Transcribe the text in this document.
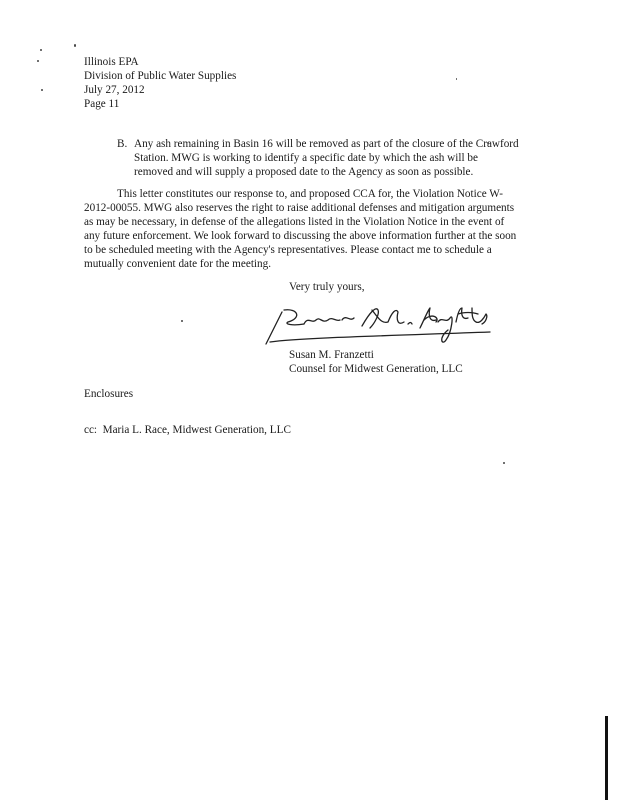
Illinois EPA
Division of Public Water Supplies
July 27, 2012
Page 11
B. Any ash remaining in Basin 16 will be removed as part of the closure of the Crawford
Station. MWG is working to identify a specific date by which the ash will be
removed and will supply a proposed date to the Agency as soon as possible.
This letter constitutes our response to, and proposed CCA for, the Violation Notice W-
2012-00055. MWG also reserves the right to raise additional defenses and mitigation arguments
as may be necessary, in defense of the allegations listed in the Violation Notice in the event of
any future enforcement. We look forward to discussing the above information further at the soon
to be scheduled meeting with the Agency's representatives. Please contact me to schedule a
mutually convenient date for the meeting.
Very truly yours,
Susan M. Franzetti
Counsel for Midwest Generation, LLC
Enclosures
cc: Maria L. Race, Midwest Generation, LLC
